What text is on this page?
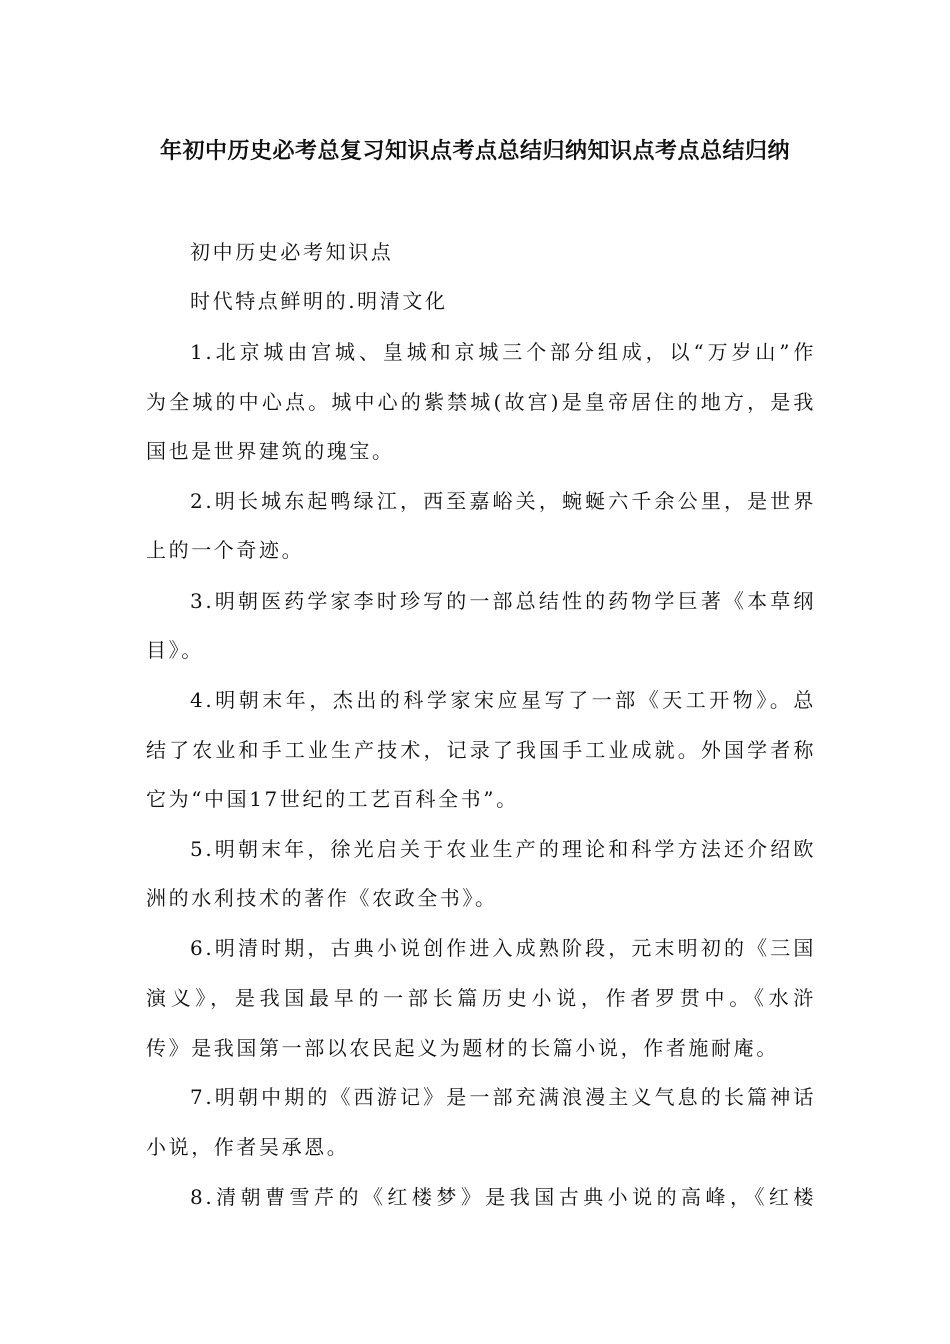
年初中历史必考总复习知识点考点总结归纳知识点考点总结归纳
初中历史必考知识点
时代特点鲜明的.明清文化
1.北京城由宫城、皇城和京城三个部分组成，以“万岁山”作
为全城的中心点。城中心的紫禁城(故宫)是皇帝居住的地方，是我
国也是世界建筑的瑰宝。
2.明长城东起鸭绿江，西至嘉峪关，蜿蜒六千余公里，是世界
上的一个奇迹。
3.明朝医药学家李时珍写的一部总结性的药物学巨著《本草纲
目》。
4.明朝末年，杰出的科学家宋应星写了一部《天工开物》。总
结了农业和手工业生产技术，记录了我国手工业成就。外国学者称
它为“中国17世纪的工艺百科全书”。
5.明朝末年，徐光启关于农业生产的理论和科学方法还介绍欧
洲的水利技术的著作《农政全书》。
6.明清时期，古典小说创作进入成熟阶段，元末明初的《三国
演义》，是我国最早的一部长篇历史小说，作者罗贯中。《水浒
传》是我国第一部以农民起义为题材的长篇小说，作者施耐庵。
7.明朝中期的《西游记》是一部充满浪漫主义气息的长篇神话
小说，作者吴承恩。
8.清朝曹雪芹的《红楼梦》是我国古典小说的高峰，《红楼
